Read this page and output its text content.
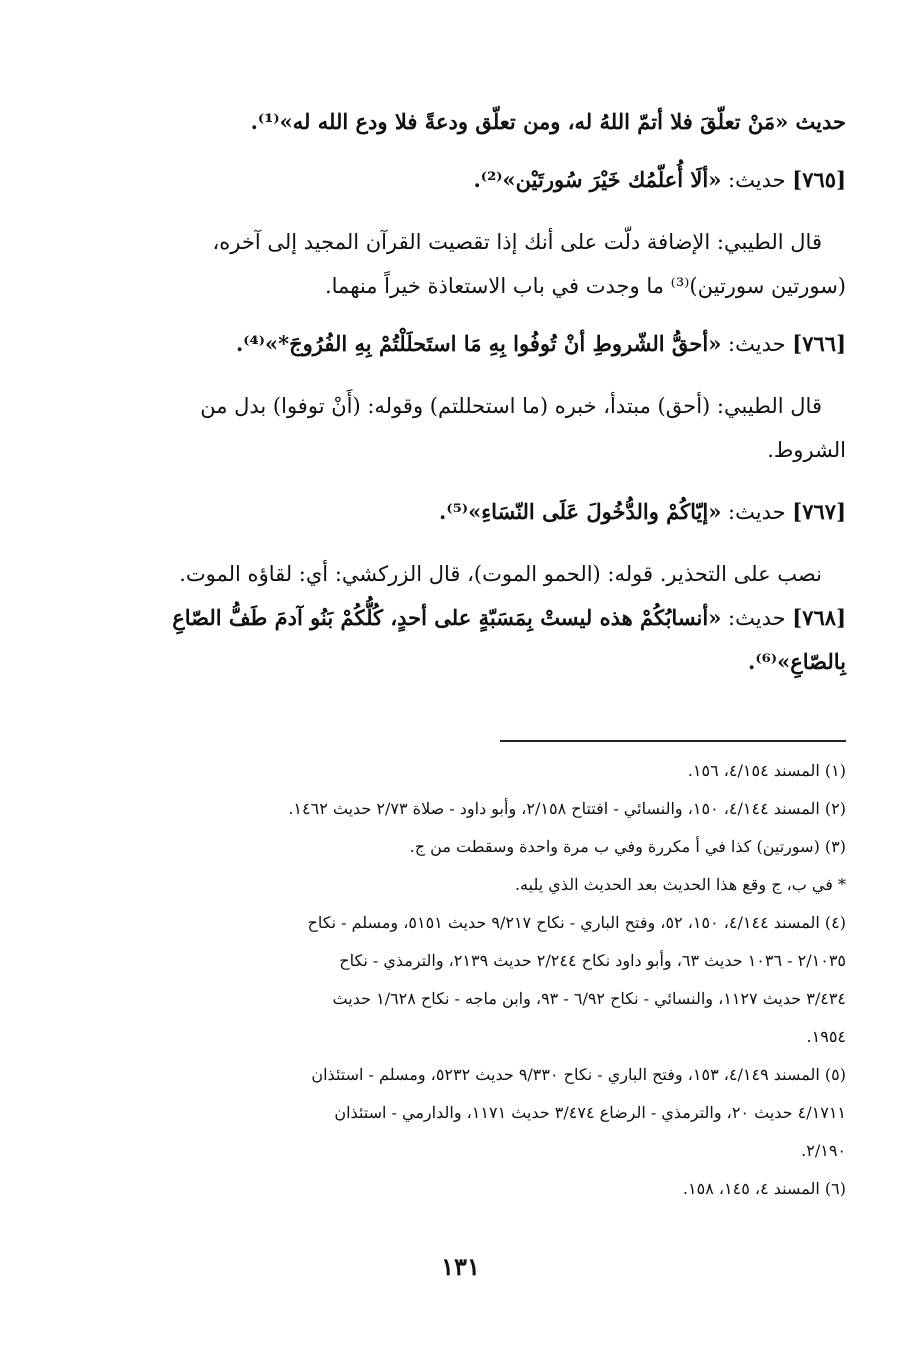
حديث «مَنْ تعلّقَ فلا أتمّ اللهُ له، ومن تعلّق ودعةً فلا ودع الله له»⁽¹⁾.

[٧٦٥] حديث: «ألَا أُعلّمُك خَيْرَ سُورتَيْن»⁽²⁾.

قال الطيبي: الإضافة دلّت على أنك إذا تقصيت القرآن المجيد إلى آخره،

(سورتين سورتين)⁽³⁾ ما وجدت في باب الاستعاذة خيراً منهما.

[٧٦٦] حديث: «أحقُّ الشّروطِ أنْ تُوفُوا بِهِ مَا استَحلَلْتُمْ بِهِ الفُرُوجَ*»⁽⁴⁾.

قال الطيبي: (أحق) مبتدأ، خبره (ما استحللتم) وقوله: (أَنْ توفوا) بدل من

الشروط.

[٧٦٧] حديث: «إيّاكُمْ والدُّخُولَ عَلَى النّسَاءِ»⁽⁵⁾.

نصب على التحذير. قوله: (الحمو الموت)، قال الزركشي: أي: لقاؤه الموت.

[٧٦٨] حديث: «أنسابُكُمْ هذه ليستْ بِمَسَبّةٍ على أحدٍ، كُلُّكُمْ بَنُو آدمَ طَفُّ الصّاعِ

بِالصّاعِ»⁽⁶⁾.

(١) المسند ٤/١٥٤، ١٥٦.

(٢) المسند ٤/١٤٤، ١٥٠، والنسائي - افتتاح ٢/١٥٨، وأبو داود - صلاة ٢/٧٣ حديث ١٤٦٢.

(٣) (سورتين) كذا في أ مكررة وفي ب مرة واحدة وسقطت من ج.

* في ب، ج وقع هذا الحديث بعد الحديث الذي يليه.

(٤) المسند ٤/١٤٤، ١٥٠، ٥٢، وفتح الباري - نكاح ٩/٢١٧ حديث ٥١٥١، ومسلم - نكاح

٢/١٠٣٥ - ١٠٣٦ حديث ٦٣، وأبو داود نكاح ٢/٢٤٤ حديث ٢١٣٩، والترمذي - نكاح

٣/٤٣٤ حديث ١١٢٧، والنسائي - نكاح ٦/٩٢ - ٩٣، وابن ماجه - نكاح ١/٦٢٨ حديث

١٩٥٤.

(٥) المسند ٤/١٤٩، ١٥٣، وفتح الباري - نكاح ٩/٣٣٠ حديث ٥٢٣٢، ومسلم - استئذان

٤/١٧١١ حديث ٢٠، والترمذي - الرضاع ٣/٤٧٤ حديث ١١٧١، والدارمي - استئذان

٢/١٩٠.

(٦) المسند ٤، ١٤٥، ١٥٨.

١٣١
